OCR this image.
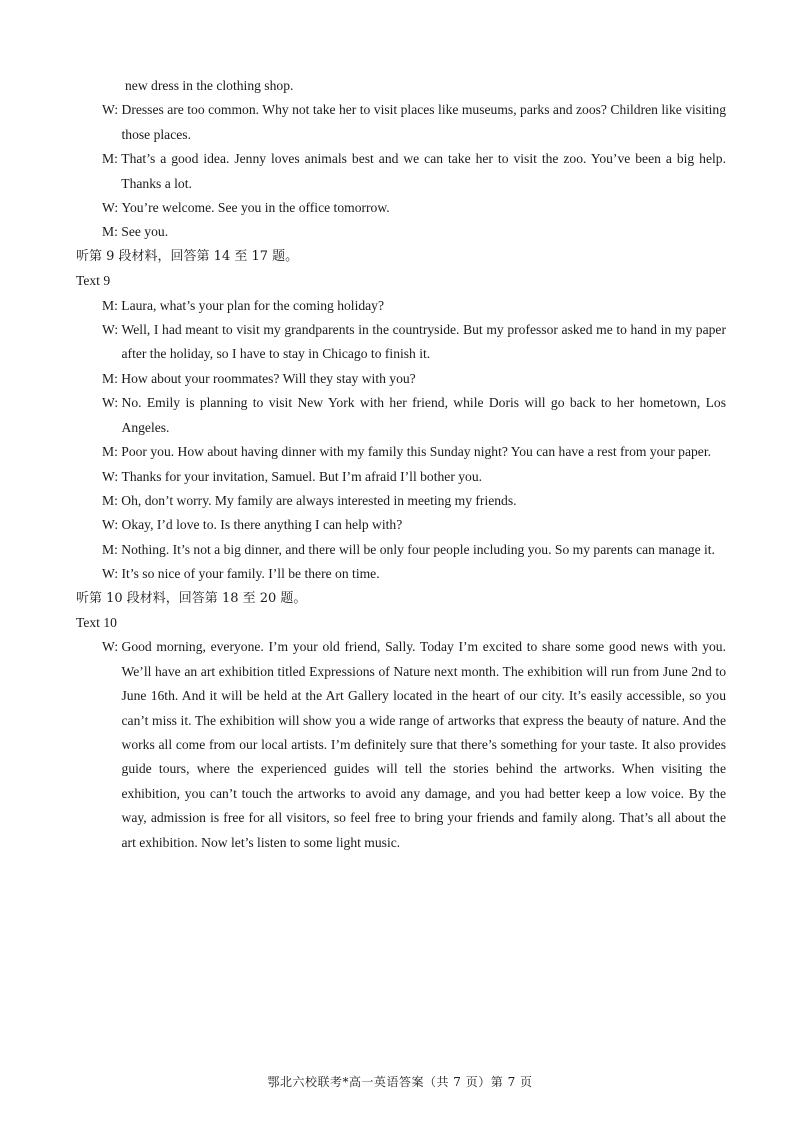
new dress in the clothing shop.
W:
Dresses are too common. Why not take her to visit places like museums, parks and zoos? Children like visiting those places.
M:
That’s a good idea. Jenny loves animals best and we can take her to visit the zoo. You’ve been a big help. Thanks a lot.
W:
You’re welcome. See you in the office tomorrow.
M:
See you.
听第 9 段材料，回答第 14 至 17 题。
Text 9
M:
Laura, what’s your plan for the coming holiday?
W:
Well, I had meant to visit my grandparents in the countryside. But my professor asked me to hand in my paper after the holiday, so I have to stay in Chicago to finish it.
M:
How about your roommates? Will they stay with you?
W:
No. Emily is planning to visit New York with her friend, while Doris will go back to her hometown, Los Angeles.
M:
Poor you. How about having dinner with my family this Sunday night? You can have a rest from your paper.
W:
Thanks for your invitation, Samuel. But I’m afraid I’ll bother you.
M:
Oh, don’t worry. My family are always interested in meeting my friends.
W:
Okay, I’d love to. Is there anything I can help with?
M:
Nothing. It’s not a big dinner, and there will be only four people including you. So my parents can manage it.
W:
It’s so nice of your family. I’ll be there on time.
听第 10 段材料，回答第 18 至 20 题。
Text 10
W:
Good morning, everyone. I’m your old friend, Sally. Today I’m excited to share some good news with you. We’ll have an art exhibition titled Expressions of Nature next month. The exhibition will run from June 2nd to June 16th. And it will be held at the Art Gallery located in the heart of our city. It’s easily accessible, so you can’t miss it. The exhibition will show you a wide range of artworks that express the beauty of nature. And the works all come from our local artists. I’m definitely sure that there’s something for your taste. It also provides guide tours, where the experienced guides will tell the stories behind the artworks. When visiting the exhibition, you can’t touch the artworks to avoid any damage, and you had better keep a low voice. By the way, admission is free for all visitors, so feel free to bring your friends and family along. That’s all about the art exhibition. Now let’s listen to some light music.
鄂北六校联考*高一英语答案（共 7 页）第 7 页
